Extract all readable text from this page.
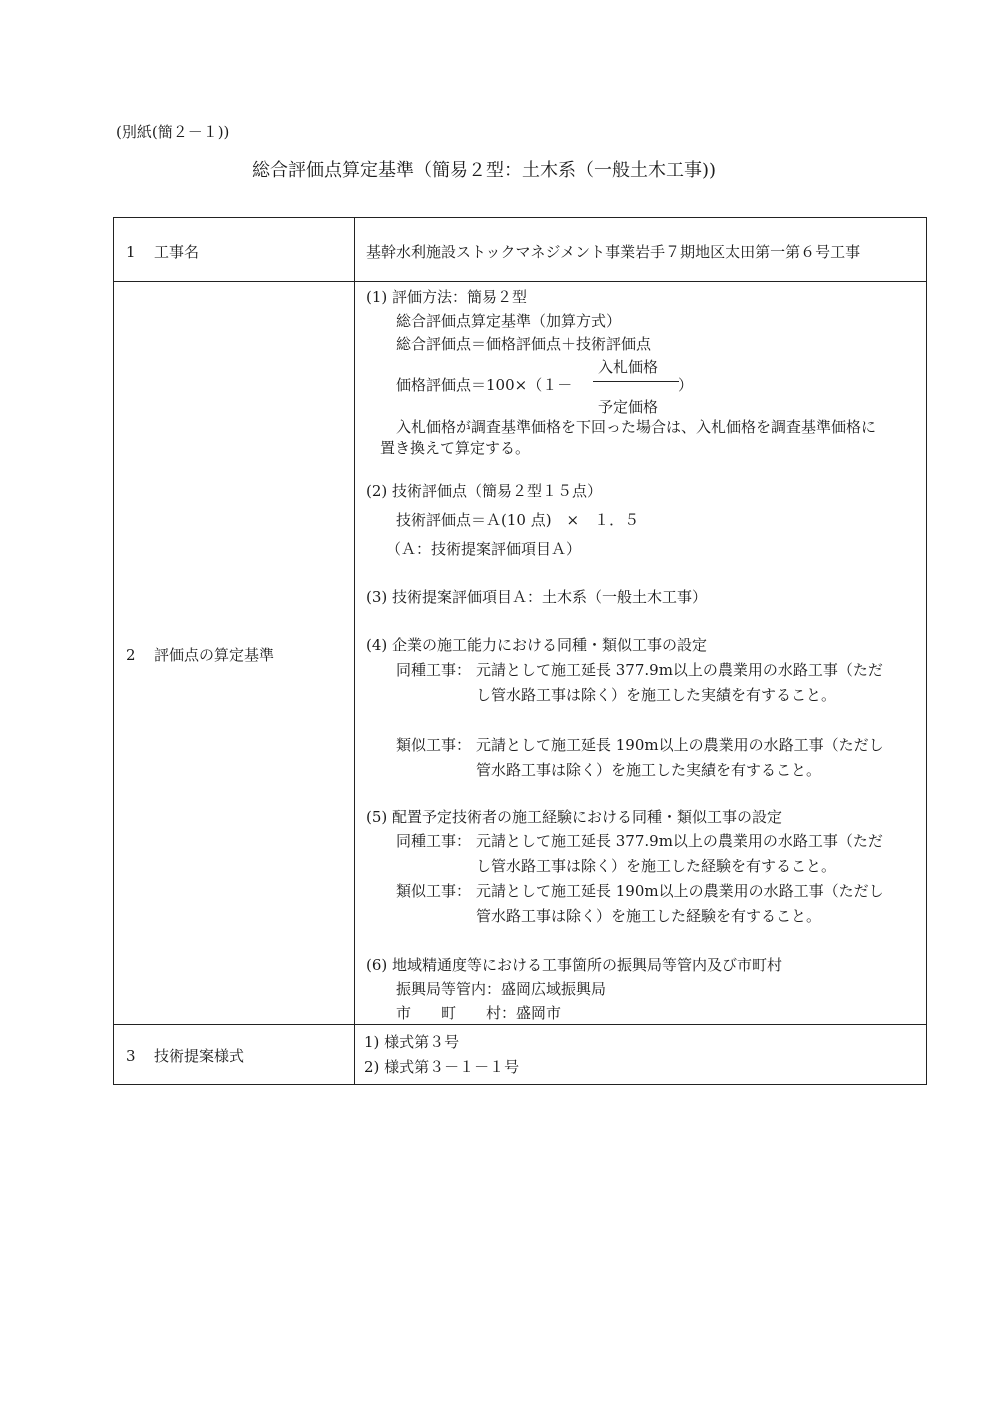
(別紙(簡２－１))
総合評価点算定基準（簡易２型：土木系（一般土木工事))
1 工事名	基幹水利施設ストックマネジメント事業岩手７期地区太田第一第６号工事
2 評価点の算定基準
(1) 評価方法：簡易２型
総合評価点算定基準（加算方式）
総合評価点＝価格評価点＋技術評価点
入札価格
価格評価点＝100×（１－	）
予定価格
入札価格が調査基準価格を下回った場合は、入札価格を調査基準価格に
置き換えて算定する。
(2) 技術評価点（簡易２型１５点）
技術評価点＝Ａ(10 点)　×　１．５
（Ａ：技術提案評価項目Ａ）
(3) 技術提案評価項目Ａ：土木系（一般土木工事）
(4) 企業の施工能力における同種・類似工事の設定
同種工事： 元請として施工延長 377.9m以上の農業用の水路工事（ただ
し管水路工事は除く）を施工した実績を有すること。
類似工事： 元請として施工延長 190m以上の農業用の水路工事（ただし
管水路工事は除く）を施工した実績を有すること。
(5) 配置予定技術者の施工経験における同種・類似工事の設定
同種工事： 元請として施工延長 377.9m以上の農業用の水路工事（ただ
し管水路工事は除く）を施工した経験を有すること。
類似工事： 元請として施工延長 190m以上の農業用の水路工事（ただし
管水路工事は除く）を施工した経験を有すること。
(6) 地域精通度等における工事箇所の振興局等管内及び市町村
振興局等管内：盛岡広域振興局
市　　町　　村：盛岡市
3 技術提案様式
1) 様式第３号
2) 様式第３－１－１号
